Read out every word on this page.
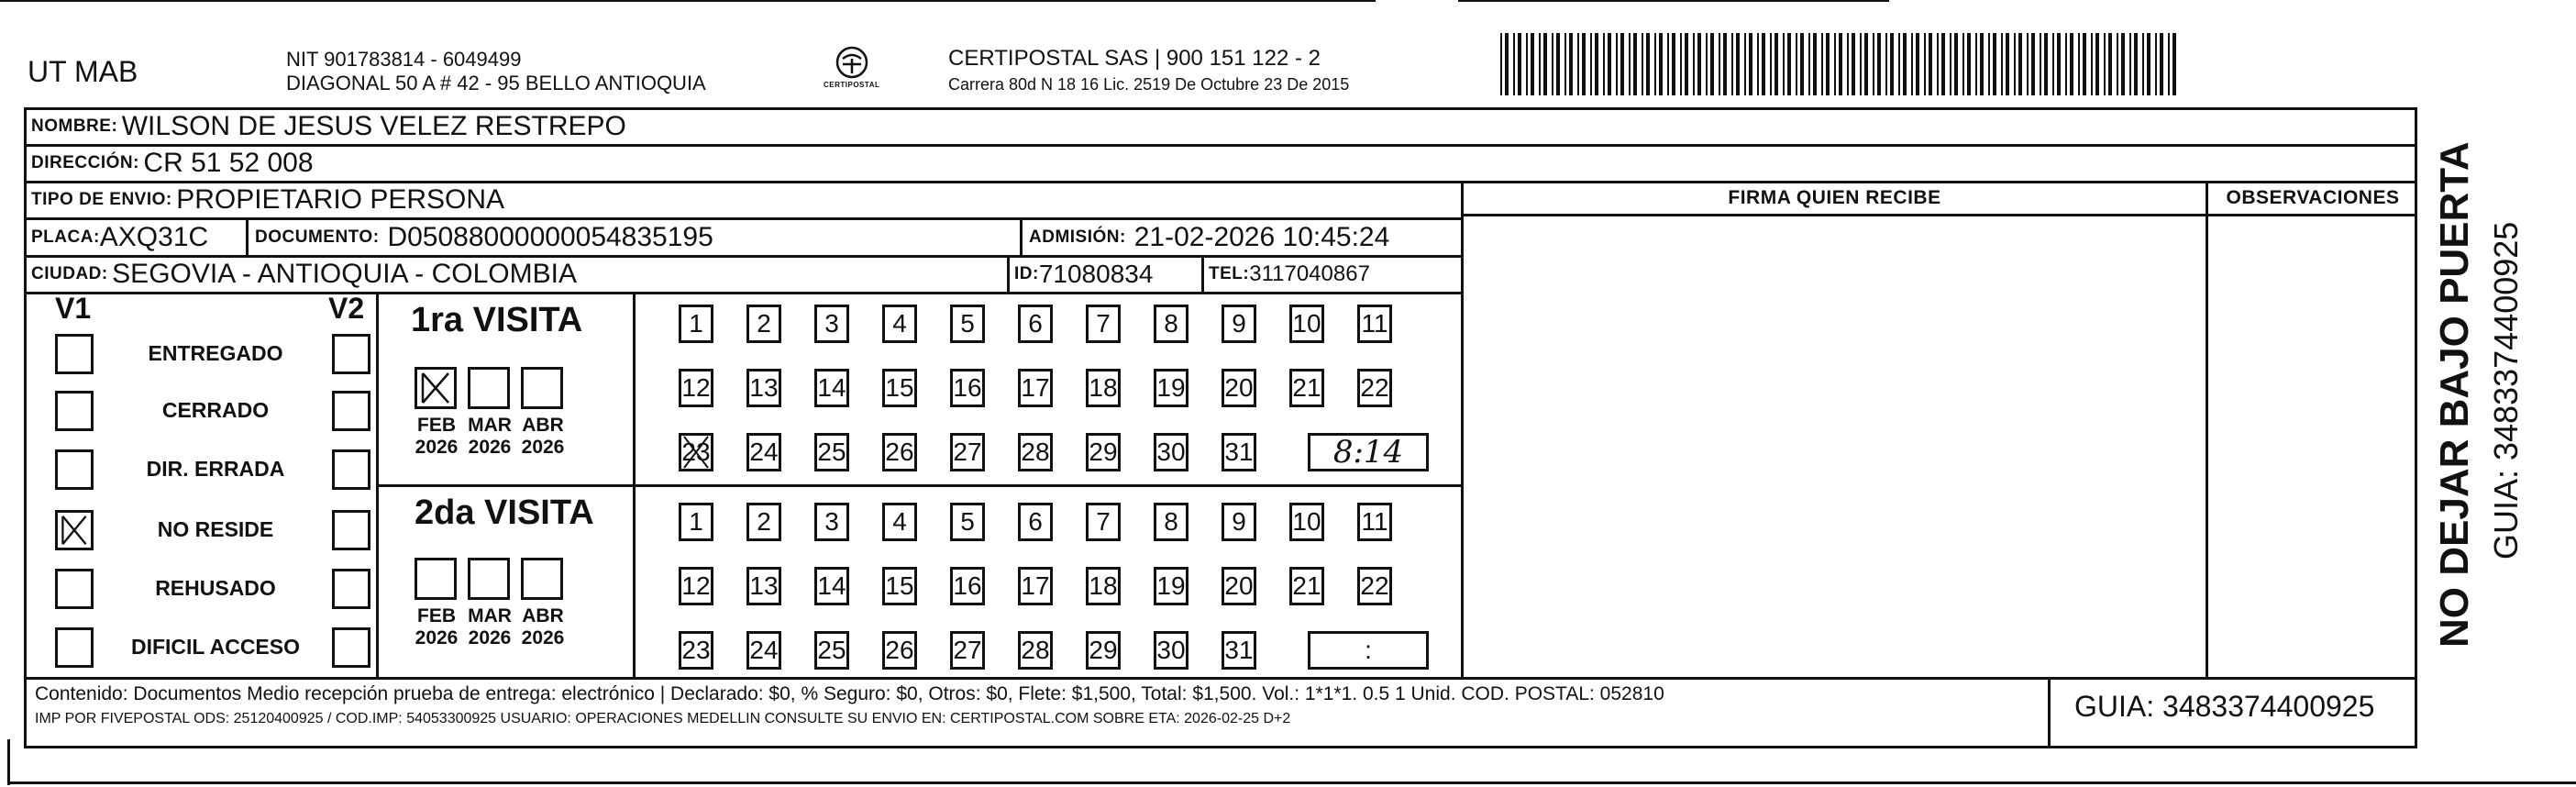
UT MAB	NIT 901783814 - 6049499
DIAGONAL 50 A # 42 - 95 BELLO ANTIOQUIA	CERTIPOSTAL
CERTIPOSTAL SAS | 900 151 122 - 2
Carrera 80d N 18 16 Lic. 2519 De Octubre 23 De 2015
NOMBRE:
WILSON DE JESUS VELEZ RESTREPO
DIRECCIÓN:
CR 51 52 008
TIPO DE ENVIO:
PROPIETARIO PERSONA
PLACA: AXQ31C	DOCUMENTO:
D05088000000054835195	ADMISIÓN:
21-02-2026 10:45:24
CIUDAD:
SEGOVIA - ANTIOQUIA - COLOMBIA	ID: 71080834	TEL: 3117040867
FIRMA QUIEN RECIBE	OBSERVACIONES
V1	V2 1ra VISITA
2da VISITA
Contenido: Documentos Medio recepción prueba de entrega: electrónico | Declarado: $0, % Seguro: $0, Otros: $0, Flete: $1,500, Total: $1,500. Vol.: 1*1*1. 0.5 1 Unid. COD. POSTAL: 052810
IMP POR FIVEPOSTAL ODS: 25120400925 / COD.IMP: 54053300925 USUARIO: OPERACIONES MEDELLIN CONSULTE SU ENVIO EN: CERTIPOSTAL.COM SOBRE ETA: 2026-02-25 D+2	GUIA: 3483374400925
NO DEJAR BAJO PUERTA GUIA: 3483374400925
ENTREGADO
CERRADO
DIR. ERRADA
NO RESIDE
REHUSADO
DIFICIL ACCESO
FEB
2026
MAR
2026
ABR
2026
FEB
2026
MAR
2026
ABR
2026
1	2	3	4	5	6	7	8	9	10 11
12 13 14 15 16 17 18 19 20 21 22
23 24 25 26 27 28 29 30 31	8:14
1	2	3	4	5	6	7	8	9	10 11
12 13 14 15 16 17 18 19 20 21 22
23 24 25 26 27 28 29 30 31	:
